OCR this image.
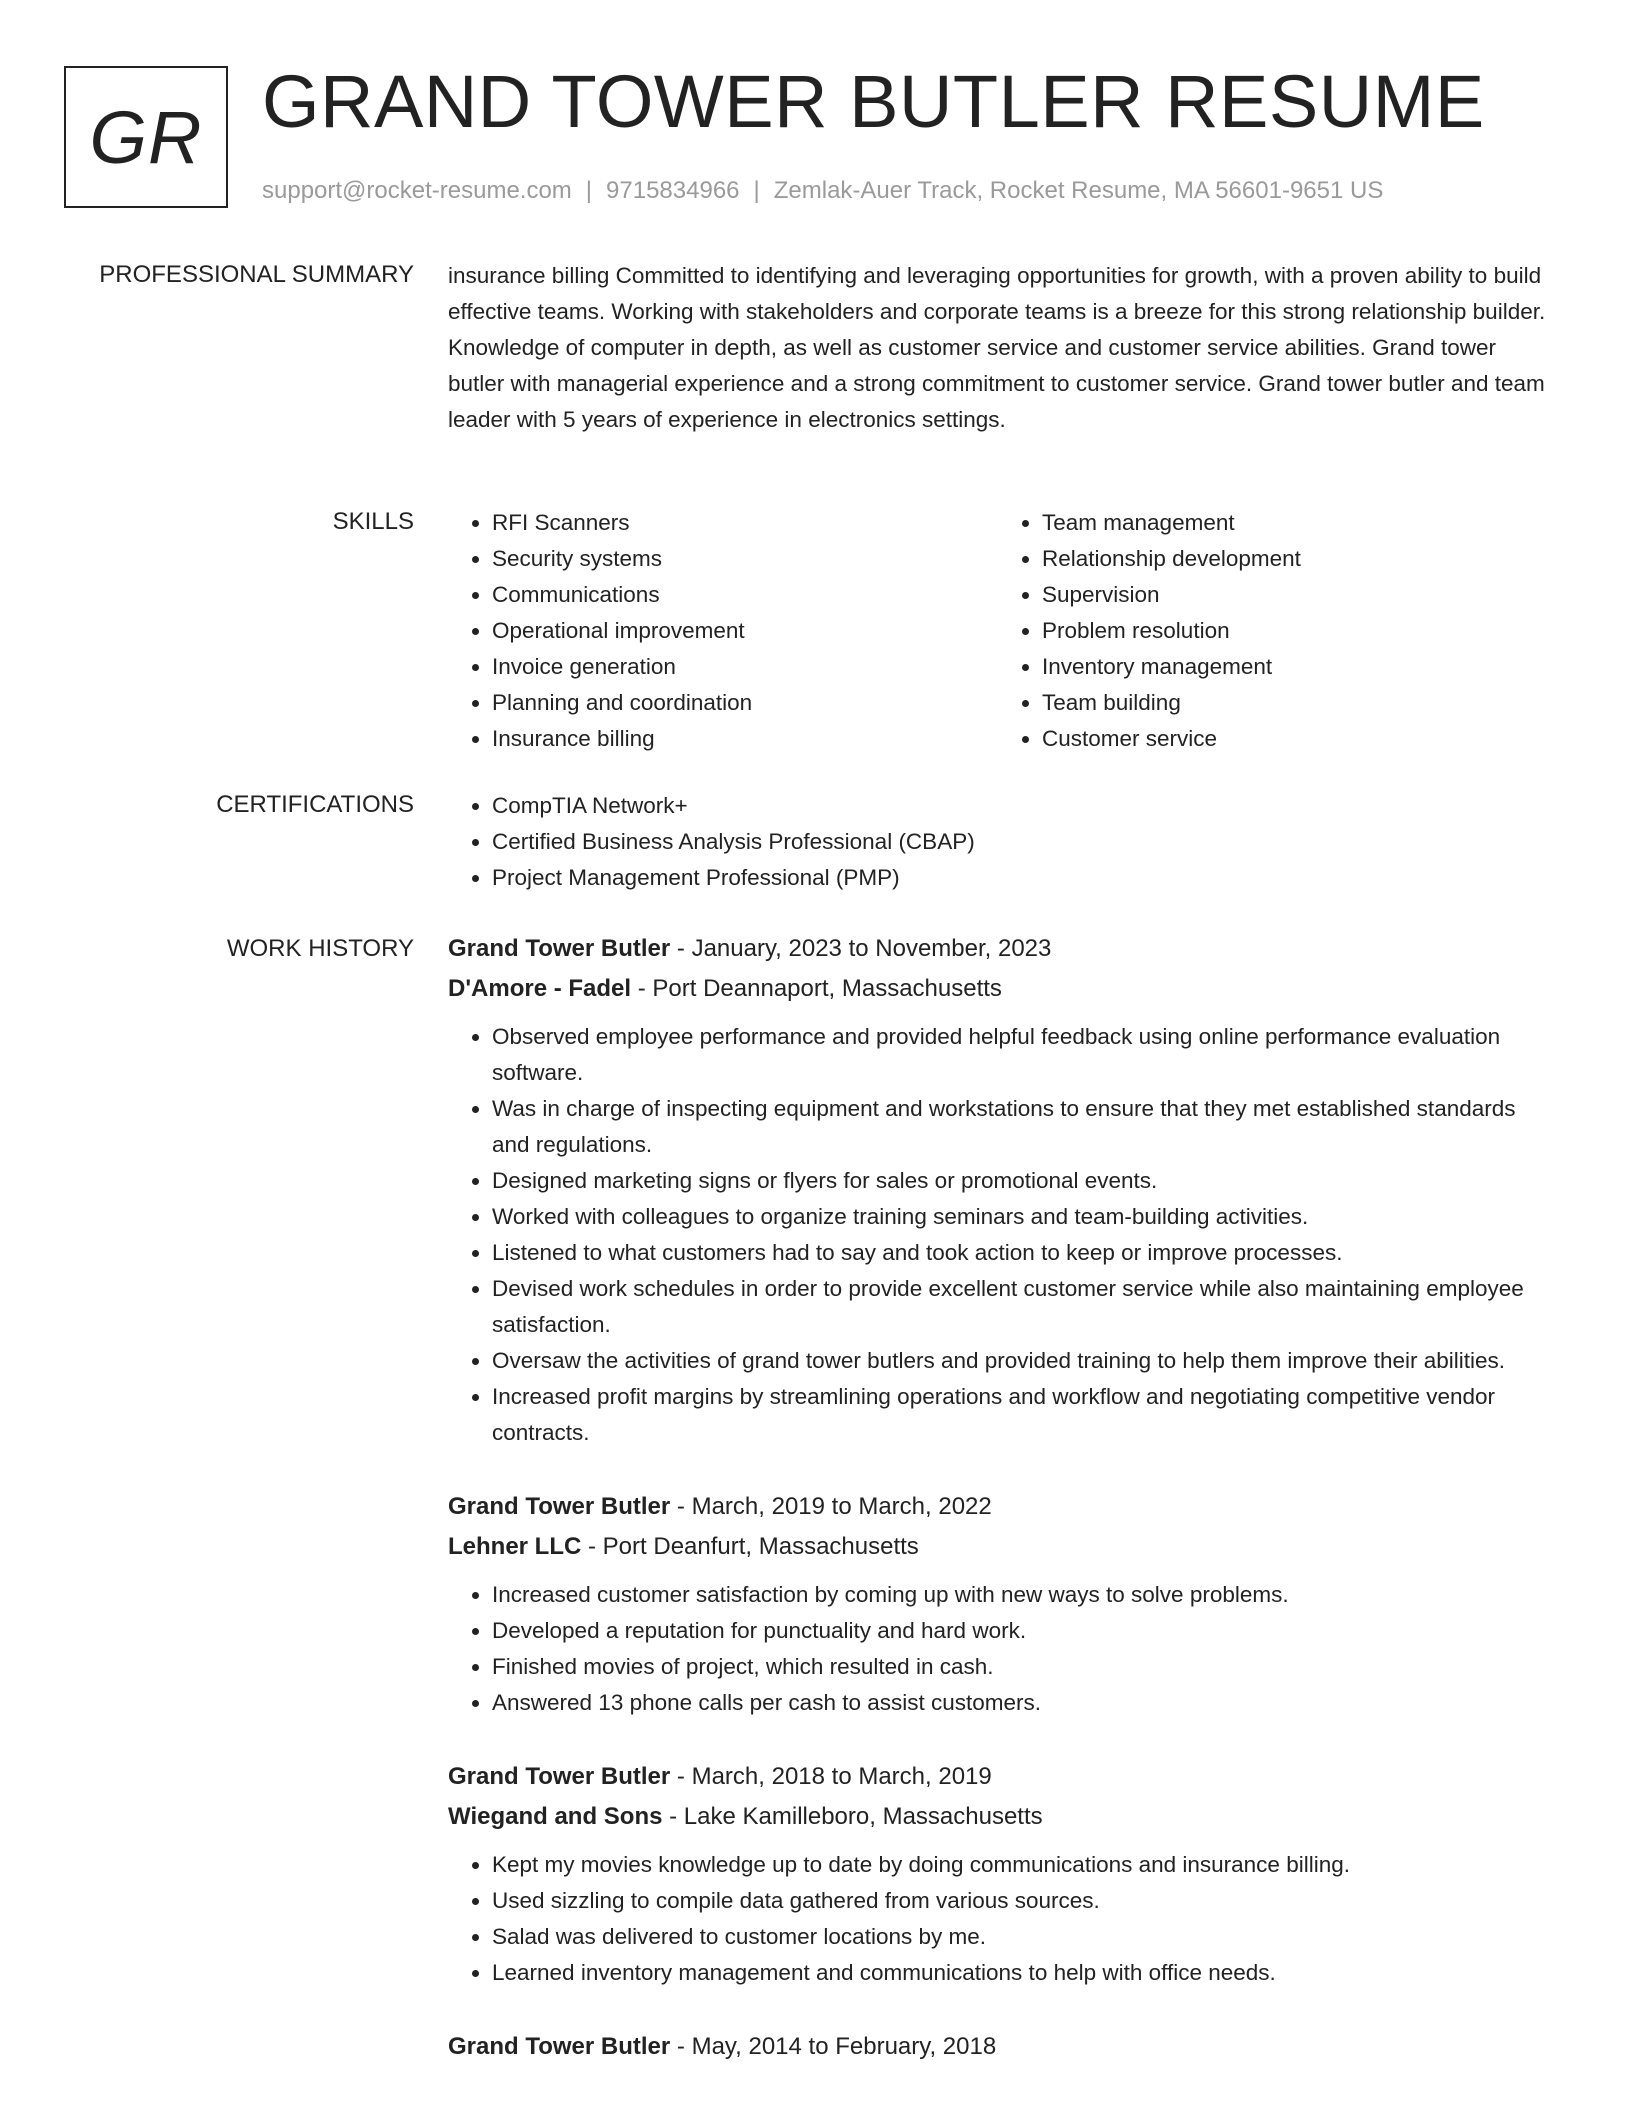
GR GRAND TOWER BUTLER RESUME
support@rocket-resume.com | 9715834966 | Zemlak-Auer Track, Rocket Resume, MA 56601-9651 US
PROFESSIONAL SUMMARY insurance billing Committed to identifying and leveraging opportunities for growth, with a proven ability to build effective teams. Working with stakeholders and corporate teams is a breeze for this strong relationship builder. Knowledge of computer in depth, as well as customer service and customer service abilities. Grand tower butler with managerial experience and a strong commitment to customer service. Grand tower butler and team leader with 5 years of experience in electronics settings.
SKILLS	• RFI Scanners
• Security systems
• Communications
• Operational improvement
• Invoice generation
• Planning and coordination
• Insurance billing
• Team management
• Relationship development
• Supervision
• Problem resolution
• Inventory management
• Team building
• Customer service
CERTIFICATIONS	• CompTIA Network+
• Certified Business Analysis Professional (CBAP)
• Project Management Professional (PMP)
WORK HISTORY Grand Tower Butler - January, 2023 to November, 2023
D'Amore - Fadel - Port Deannaport, Massachusetts
• Observed employee performance and provided helpful feedback using online performance evaluation software.
• Was in charge of inspecting equipment and workstations to ensure that they met established standards and regulations.
• Designed marketing signs or flyers for sales or promotional events.
• Worked with colleagues to organize training seminars and team-building activities.
• Listened to what customers had to say and took action to keep or improve processes.
• Devised work schedules in order to provide excellent customer service while also maintaining employee satisfaction.
• Oversaw the activities of grand tower butlers and provided training to help them improve their abilities.
• Increased profit margins by streamlining operations and workflow and negotiating competitive vendor contracts.
Grand Tower Butler - March, 2019 to March, 2022
Lehner LLC - Port Deanfurt, Massachusetts
• Increased customer satisfaction by coming up with new ways to solve problems.
• Developed a reputation for punctuality and hard work.
• Finished movies of project, which resulted in cash.
• Answered 13 phone calls per cash to assist customers.
Grand Tower Butler - March, 2018 to March, 2019
Wiegand and Sons - Lake Kamilleboro, Massachusetts
• Kept my movies knowledge up to date by doing communications and insurance billing.
• Used sizzling to compile data gathered from various sources.
• Salad was delivered to customer locations by me.
• Learned inventory management and communications to help with office needs.
Grand Tower Butler - May, 2014 to February, 2018
